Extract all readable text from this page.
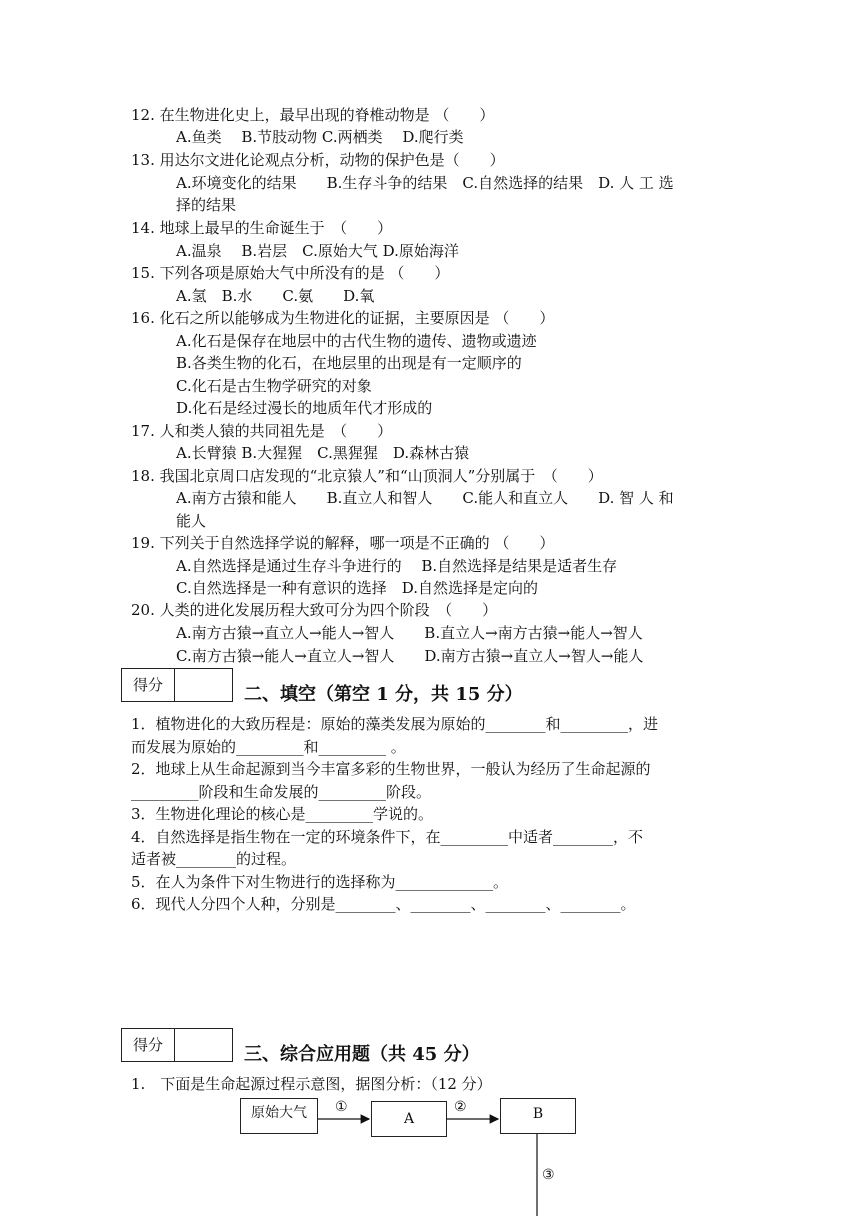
12. 在生物进化史上，最早出现的脊椎动物是 （　　）
A.鱼类　 B.节肢动物 C.两栖类　 D.爬行类
13. 用达尔文进化论观点分析，动物的保护色是（　　）
A.环境变化的结果　　B.生存斗争的结果　C.自然选择的结果　D. 人 工 选
择的结果
14. 地球上最早的生命诞生于　（　　）
A.温泉　 B.岩层　C.原始大气 D.原始海洋
15. 下列各项是原始大气中所没有的是 （　　）
A.氢　B.水　　C.氨　　D.氧
16. 化石之所以能够成为生物进化的证据，主要原因是 （　　）
A.化石是保存在地层中的古代生物的遗传、遗物或遗迹
B.各类生物的化石，在地层里的出现是有一定顺序的
C.化石是古生物学研究的对象
D.化石是经过漫长的地质年代才形成的
17. 人和类人猿的共同祖先是　（　　）
A.长臂猿 B.大猩猩　C.黑猩猩　D.森林古猿
18. 我国北京周口店发现的“北京猿人”和“山顶洞人”分别属于　（　　）
A.南方古猿和能人　　B.直立人和智人　　C.能人和直立人　　D. 智 人 和
能人
19. 下列关于自然选择学说的解释，哪一项是不正确的 （　　）
A.自然选择是通过生存斗争进行的　 B.自然选择是结果是适者生存
C.自然选择是一种有意识的选择　D.自然选择是定向的
20. 人类的进化发展历程大致可分为四个阶段　（　　）
A.南方古猿→直立人→能人→智人　　B.直立人→南方古猿→能人→智人
C.南方古猿→能人→直立人→智人　　D.南方古猿→直立人→智人→能人
得分	二、填空（第空 1 分，共 15 分）
1．植物进化的大致历程是：原始的藻类发展为原始的________和_________，进
而发展为原始的_________和_________ 。
2．地球上从生命起源到当今丰富多彩的生物世界，一般认为经历了生命起源的
_________阶段和生命发展的_________阶段。
3．生物进化理论的核心是_________学说的。
4．自然选择是指生物在一定的环境条件下，在_________中适者________，不
适者被________的过程。
5．在人为条件下对生物进行的选择称为_____________。
6．现代人分四个人种，分别是________、________、________、________。
得分	三、综合应用题（共 45 分）
1.　下面是生命起源过程示意图，据图分析：（12 分）
原始大气	A	B
①	②
③
